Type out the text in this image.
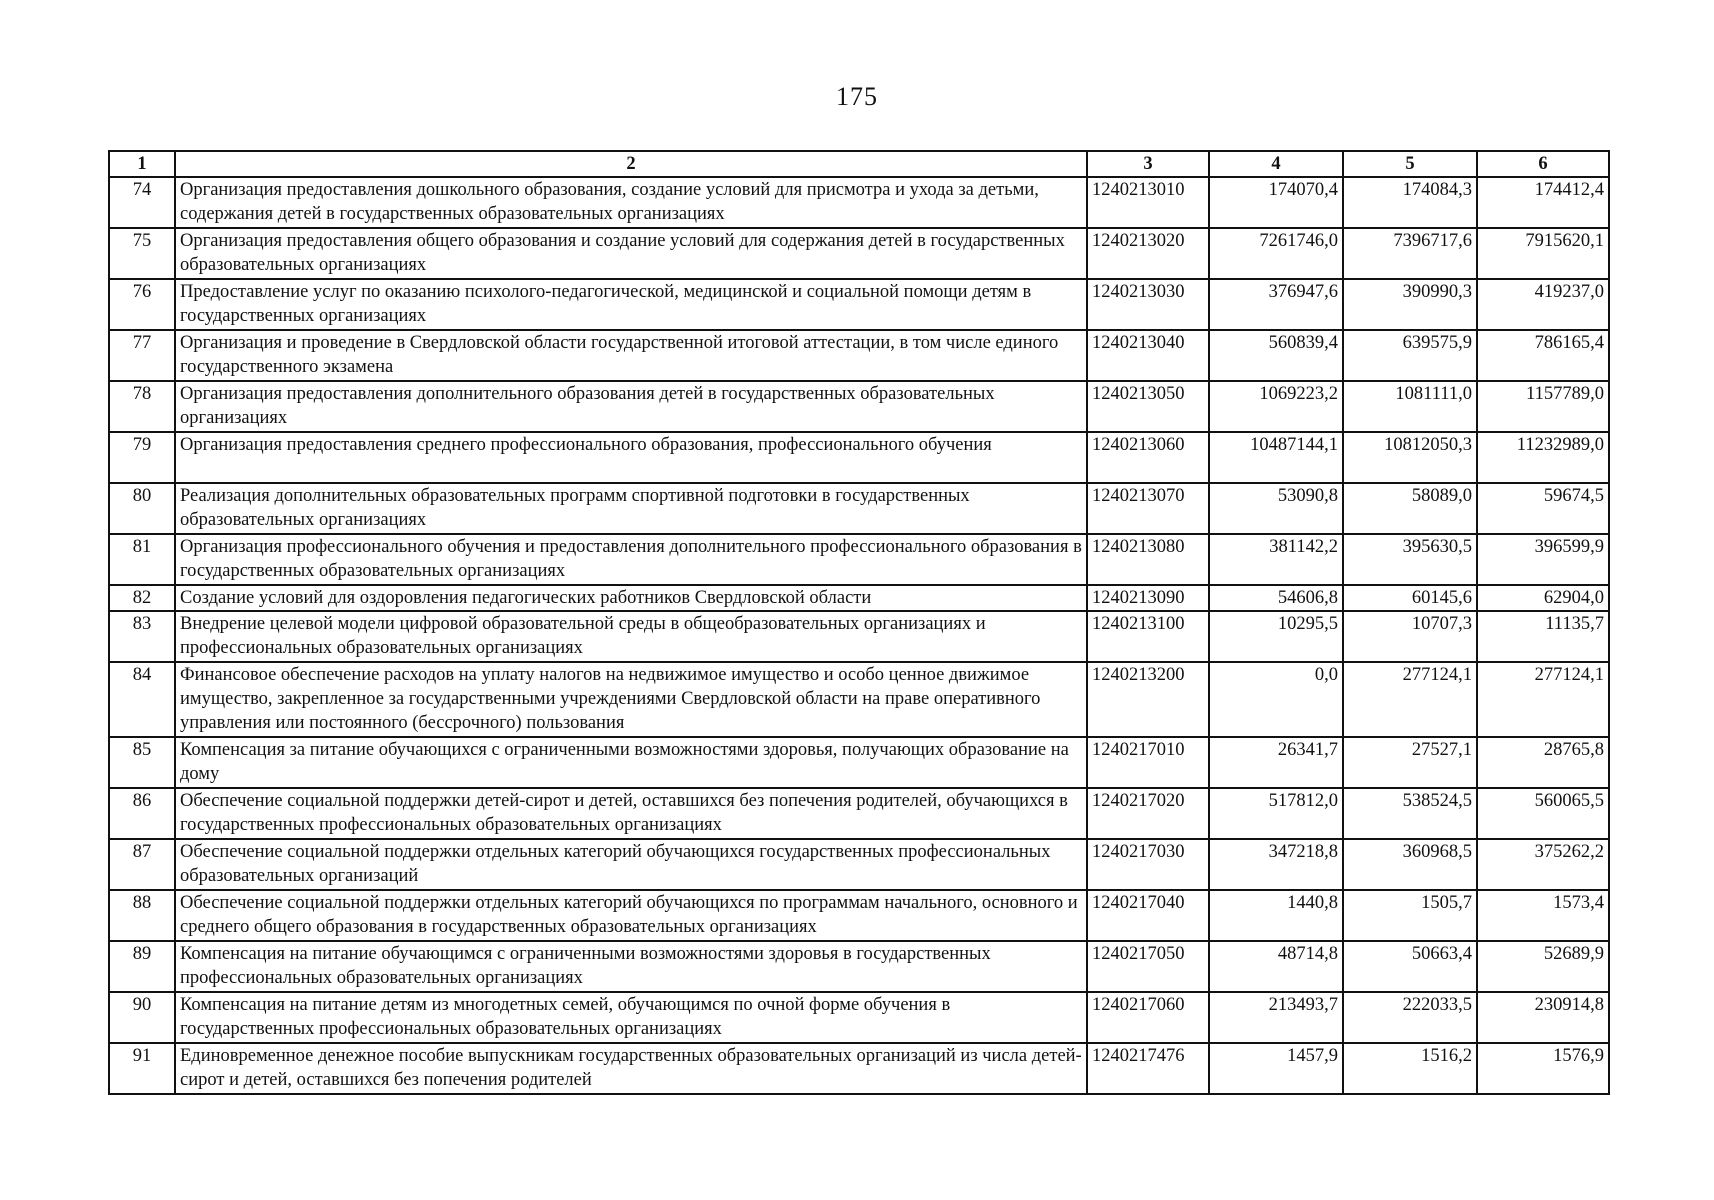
175
1	2	3	4	5	6
74	Организация предоставления дошкольного образования, создание условий для присмотра и ухода за детьми, содержания детей в государственных образовательных организациях	1240213010	174070,4	174084,3	174412,4
75	Организация предоставления общего образования и создание условий для содержания детей в государственных образовательных организациях	1240213020	7261746,0	7396717,6	7915620,1
76	Предоставление услуг по оказанию психолого-педагогической, медицинской и социальной помощи детям в государственных организациях	1240213030	376947,6	390990,3	419237,0
77	Организация и проведение в Свердловской области государственной итоговой аттестации, в том числе единого государственного экзамена	1240213040	560839,4	639575,9	786165,4
78	Организация предоставления дополнительного образования детей в государственных образовательных организациях	1240213050	1069223,2	1081111,0	1157789,0
79	Организация предоставления среднего профессионального образования, профессионального обучения	1240213060	10487144,1	10812050,3	11232989,0
80	Реализация дополнительных образовательных программ спортивной подготовки в государственных образовательных организациях	1240213070	53090,8	58089,0	59674,5
81	Организация профессионального обучения и предоставления дополнительного профессионального образования в государственных образовательных организациях	1240213080	381142,2	395630,5	396599,9
82	Создание условий для оздоровления педагогических работников Свердловской области	1240213090	54606,8	60145,6	62904,0
83	Внедрение целевой модели цифровой образовательной среды в общеобразовательных организациях и профессиональных образовательных организациях	1240213100	10295,5	10707,3	11135,7
84	Финансовое обеспечение расходов на уплату налогов на недвижимое имущество и особо ценное движимое имущество, закрепленное за государственными учреждениями Свердловской области на праве оперативного управления или постоянного (бессрочного) пользования	1240213200	0,0	277124,1	277124,1
85	Компенсация за питание обучающихся с ограниченными возможностями здоровья, получающих образование на дому	1240217010	26341,7	27527,1	28765,8
86	Обеспечение социальной поддержки детей-сирот и детей, оставшихся без попечения родителей, обучающихся в государственных профессиональных образовательных организациях	1240217020	517812,0	538524,5	560065,5
87	Обеспечение социальной поддержки отдельных категорий обучающихся государственных профессиональных образовательных организаций	1240217030	347218,8	360968,5	375262,2
88	Обеспечение социальной поддержки отдельных категорий обучающихся по программам начального, основного и среднего общего образования в государственных образовательных организациях	1240217040	1440,8	1505,7	1573,4
89	Компенсация на питание обучающимся с ограниченными возможностями здоровья в государственных профессиональных образовательных организациях	1240217050	48714,8	50663,4	52689,9
90	Компенсация на питание детям из многодетных семей, обучающимся по очной форме обучения в государственных профессиональных образовательных организациях	1240217060	213493,7	222033,5	230914,8
91	Единовременное денежное пособие выпускникам государственных образовательных организаций из числа детей-сирот и детей, оставшихся без попечения родителей	1240217476	1457,9	1516,2	1576,9
